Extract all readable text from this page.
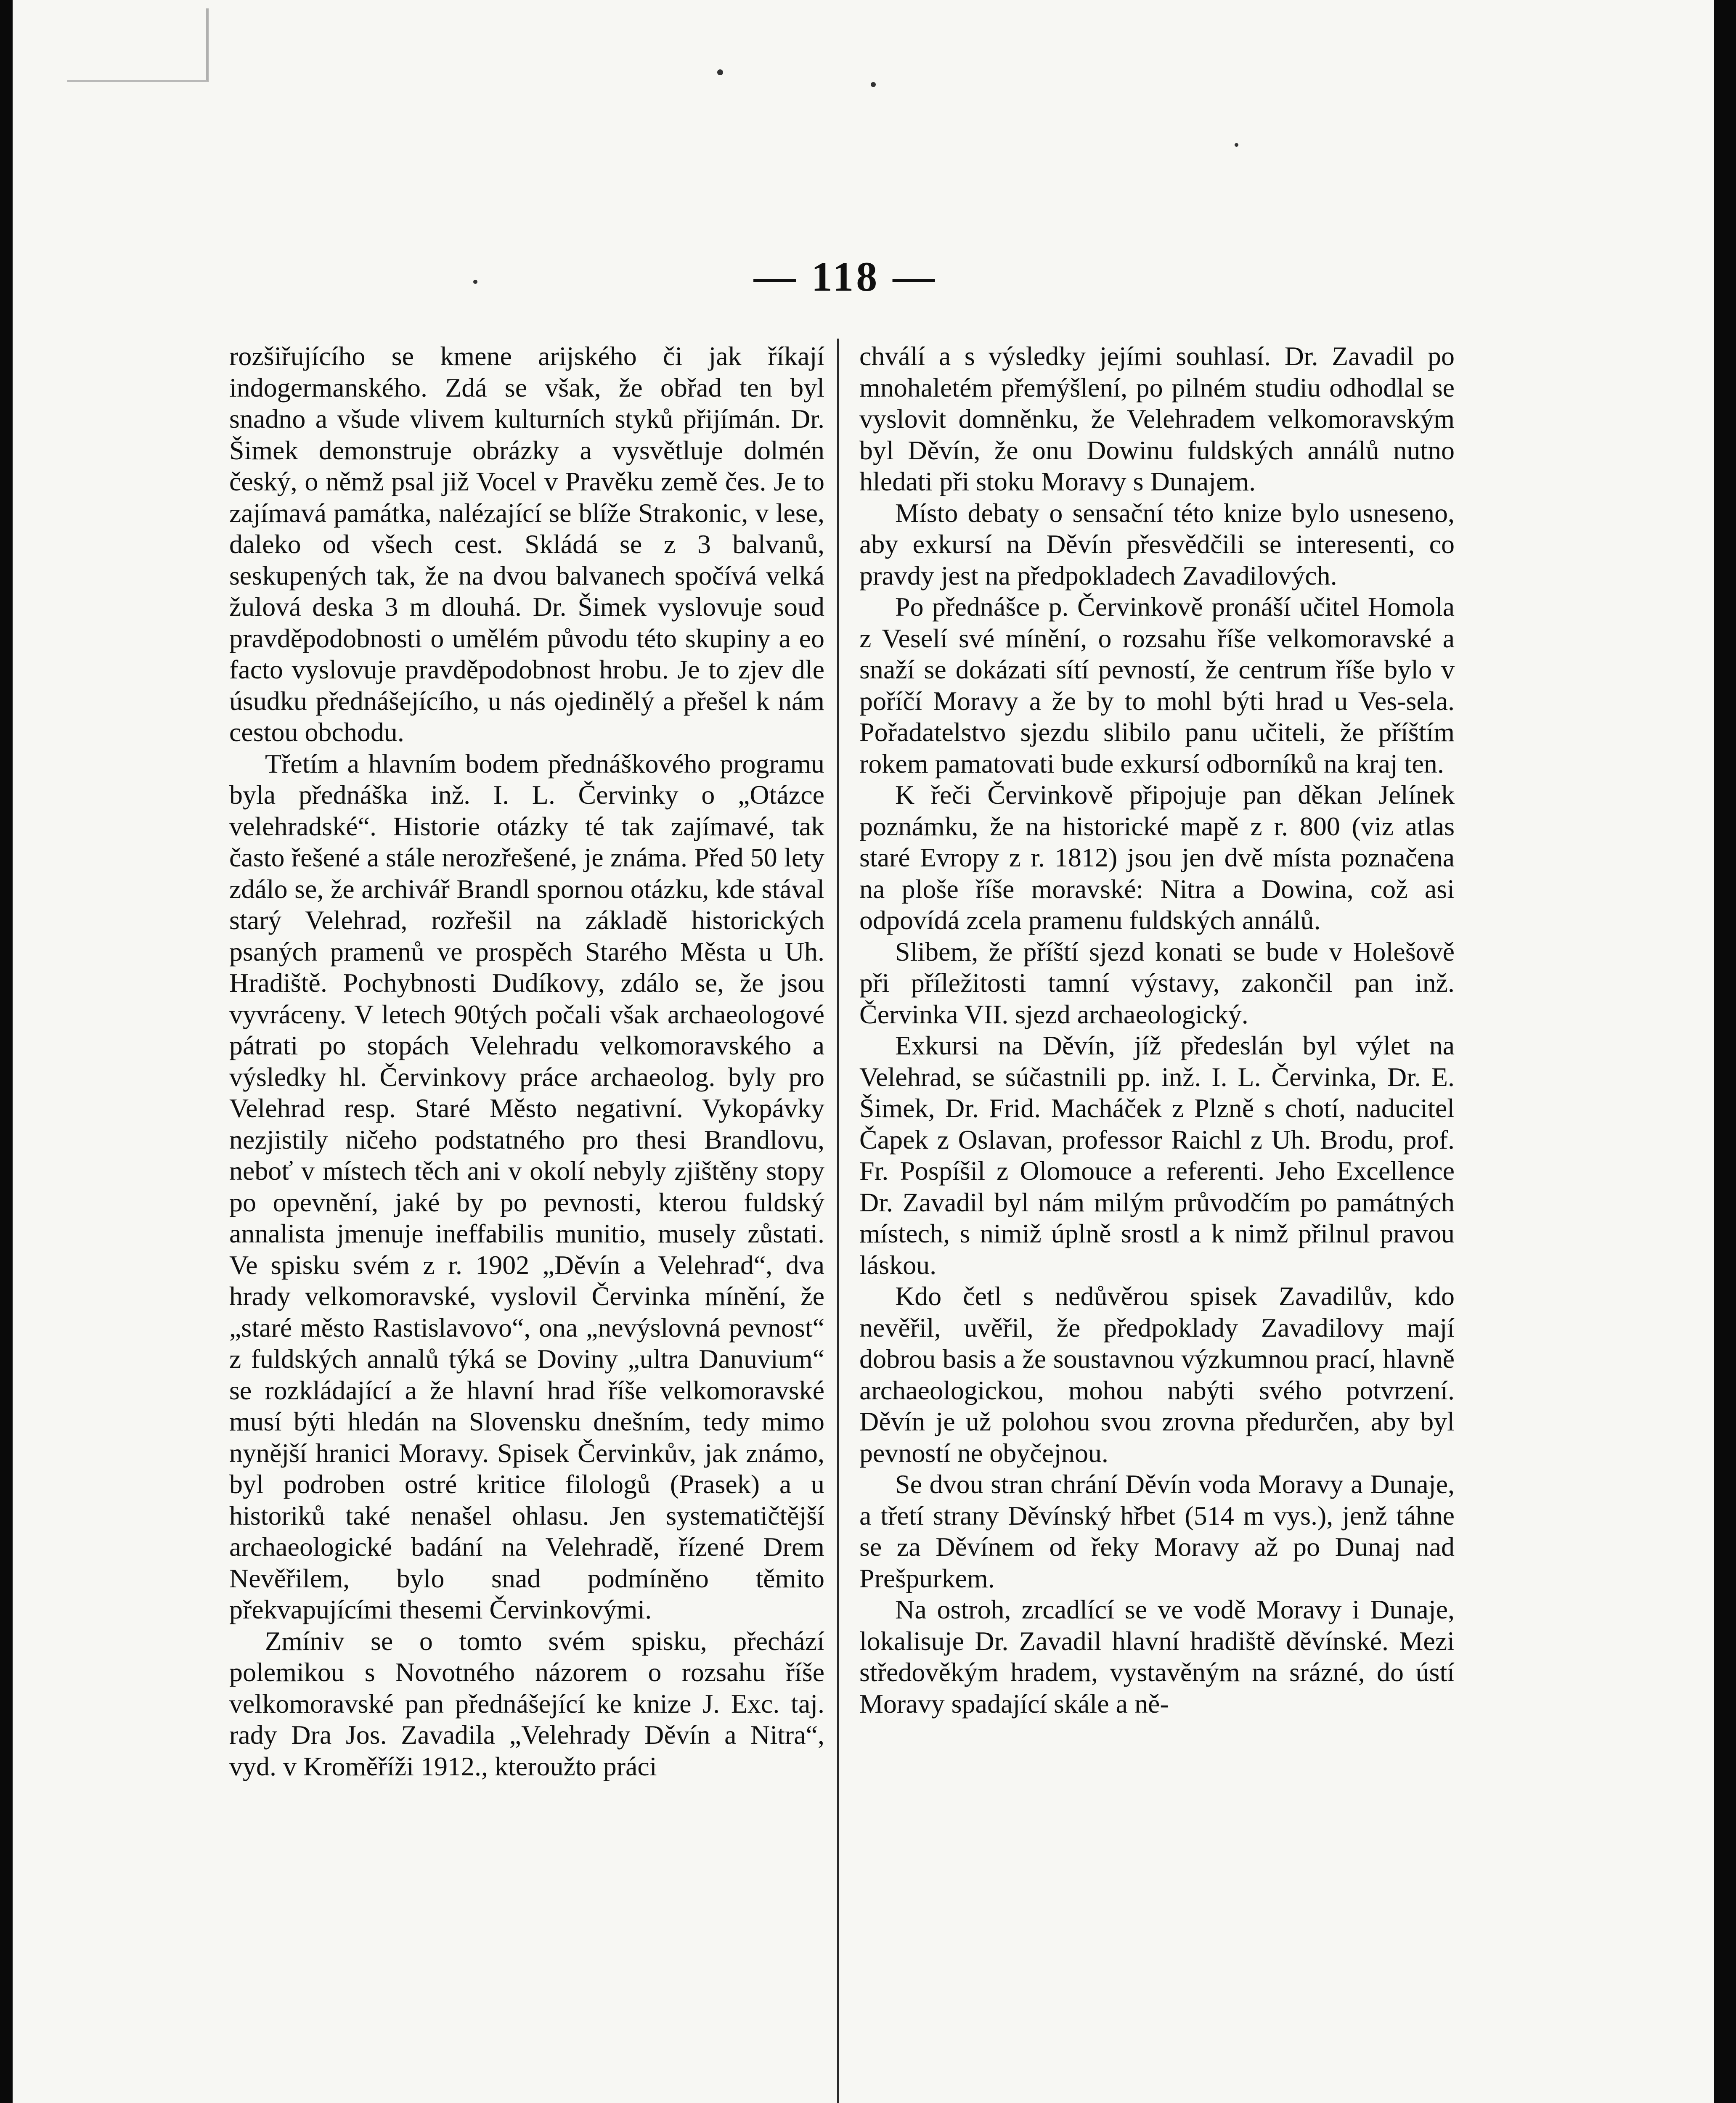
— 118 —

rozšiřujícího se kmene arijského či jak říkají indogermanského. Zdá se však, že obřad ten byl snadno a všude vlivem kulturních styků přijímán. Dr. Šimek demonstruje obrázky a vysvětluje dolmén český, o němž psal již Vocel v Pravěku země čes. Je to zajímavá památka, nalézající se blíže Strakonic, v lese, daleko od všech cest. Skládá se z 3 balvanů, seskupených tak, že na dvou balvanech spočívá velká žulová deska 3 m dlouhá. Dr. Šimek vyslovuje soud pravděpodobnosti o umělém původu této skupiny a eo facto vyslovuje pravděpodobnost hrobu. Je to zjev dle úsudku přednášejícího, u nás ojedinělý a přešel k nám cestou obchodu.

Třetím a hlavním bodem přednáškového programu byla přednáška inž. I. L. Červinky o „Otázce velehradské“. Historie otázky té tak zajímavé, tak často řešené a stále nerozřešené, je známa. Před 50 lety zdálo se, že archivář Brandl spornou otázku, kde stával starý Velehrad, rozřešil na základě historických psaných pramenů ve prospěch Starého Města u Uh. Hradiště. Pochybnosti Dudíkovy, zdálo se, že jsou vyvráceny. V letech 90tých počali však archaeologové pátrati po stopách Velehradu velkomoravského a výsledky hl. Červinkovy práce archaeolog. byly pro Velehrad resp. Staré Město negativní. Vykopávky nezjistily ničeho podstatného pro thesi Brandlovu, neboť v místech těch ani v okolí nebyly zjištěny stopy po opevnění, jaké by po pevnosti, kterou fuldský annalista jmenuje ineffabilis munitio, musely zůstati. Ve spisku svém z r. 1902 „Děvín a Velehrad“, dva hrady velkomoravské, vyslovil Červinka mínění, že „staré město Rastislavovo“, ona „nevýslovná pevnost“ z fuldských annalů týká se Doviny „ultra Danuvium“ se rozkládající a že hlavní hrad říše velkomoravské musí býti hledán na Slovensku dnešním, tedy mimo nynější hranici Moravy. Spisek Červinkův, jak známo, byl podroben ostré kritice filologů (Prasek) a u historiků také nenašel ohlasu. Jen systematičtější archaeologické badání na Velehradě, řízené Drem Nevěřilem, bylo snad podmíněno těmito překvapujícími thesemi Červinkovými.

Zmíniv se o tomto svém spisku, přechází polemikou s Novotného názorem o rozsahu říše velkomoravské pan přednášející ke knize J. Exc. taj. rady Dra Jos. Zavadila „Velehrady Děvín a Nitra“, vyd. v Kroměříži 1912., kteroužto práci

chválí a s výsledky jejími souhlasí. Dr. Zavadil po mnohaletém přemýšlení, po pilném studiu odhodlal se vyslovit domněnku, že Velehradem velkomoravským byl Děvín, že onu Dowinu fuldských annálů nutno hledati při stoku Moravy s Dunajem.

Místo debaty o sensační této knize bylo usneseno, aby exkursí na Děvín přesvědčili se interesenti, co pravdy jest na předpokladech Zavadilových.

Po přednášce p. Červinkově pronáší učitel Homola z Veselí své mínění, o rozsahu říše velkomoravské a snaží se dokázati sítí pevností, že centrum říše bylo v poříčí Moravy a že by to mohl býti hrad u Ves-sela. Pořadatelstvo sjezdu slibilo panu učiteli, že příštím rokem pamatovati bude exkursí odborníků na kraj ten.

K řeči Červinkově připojuje pan děkan Jelínek poznámku, že na historické mapě z r. 800 (viz atlas staré Evropy z r. 1812) jsou jen dvě místa poznačena na ploše říše moravské: Nitra a Dowina, což asi odpovídá zcela pramenu fuldských annálů.

Slibem, že příští sjezd konati se bude v Holešově při příležitosti tamní výstavy, zakončil pan inž. Červinka VII. sjezd archaeologický.

Exkursi na Děvín, jíž předeslán byl výlet na Velehrad, se súčastnili pp. inž. I. L. Červinka, Dr. E. Šimek, Dr. Frid. Macháček z Plzně s chotí, naducitel Čapek z Oslavan, professor Raichl z Uh. Brodu, prof. Fr. Pospíšil z Olomouce a referenti. Jeho Excellence Dr. Zavadil byl nám milým průvodčím po památných místech, s nimiž úplně srostl a k nimž přilnul pravou láskou.

Kdo četl s nedůvěrou spisek Zavadilův, kdo nevěřil, uvěřil, že předpoklady Zavadilovy mají dobrou basis a že soustavnou výzkumnou prací, hlavně archaeologickou, mohou nabýti svého potvrzení. Děvín je už polohou svou zrovna předurčen, aby byl pevností ne obyčejnou.

Se dvou stran chrání Děvín voda Moravy a Dunaje, a třetí strany Děvínský hřbet (514 m vys.), jenž táhne se za Děvínem od řeky Moravy až po Dunaj nad Prešpurkem.

Na ostroh, zrcadlící se ve vodě Moravy i Dunaje, lokalisuje Dr. Zavadil hlavní hradiště děvínské. Mezi středověkým hradem, vystavěným na srázné, do ústí Moravy spadající skále a ně-
